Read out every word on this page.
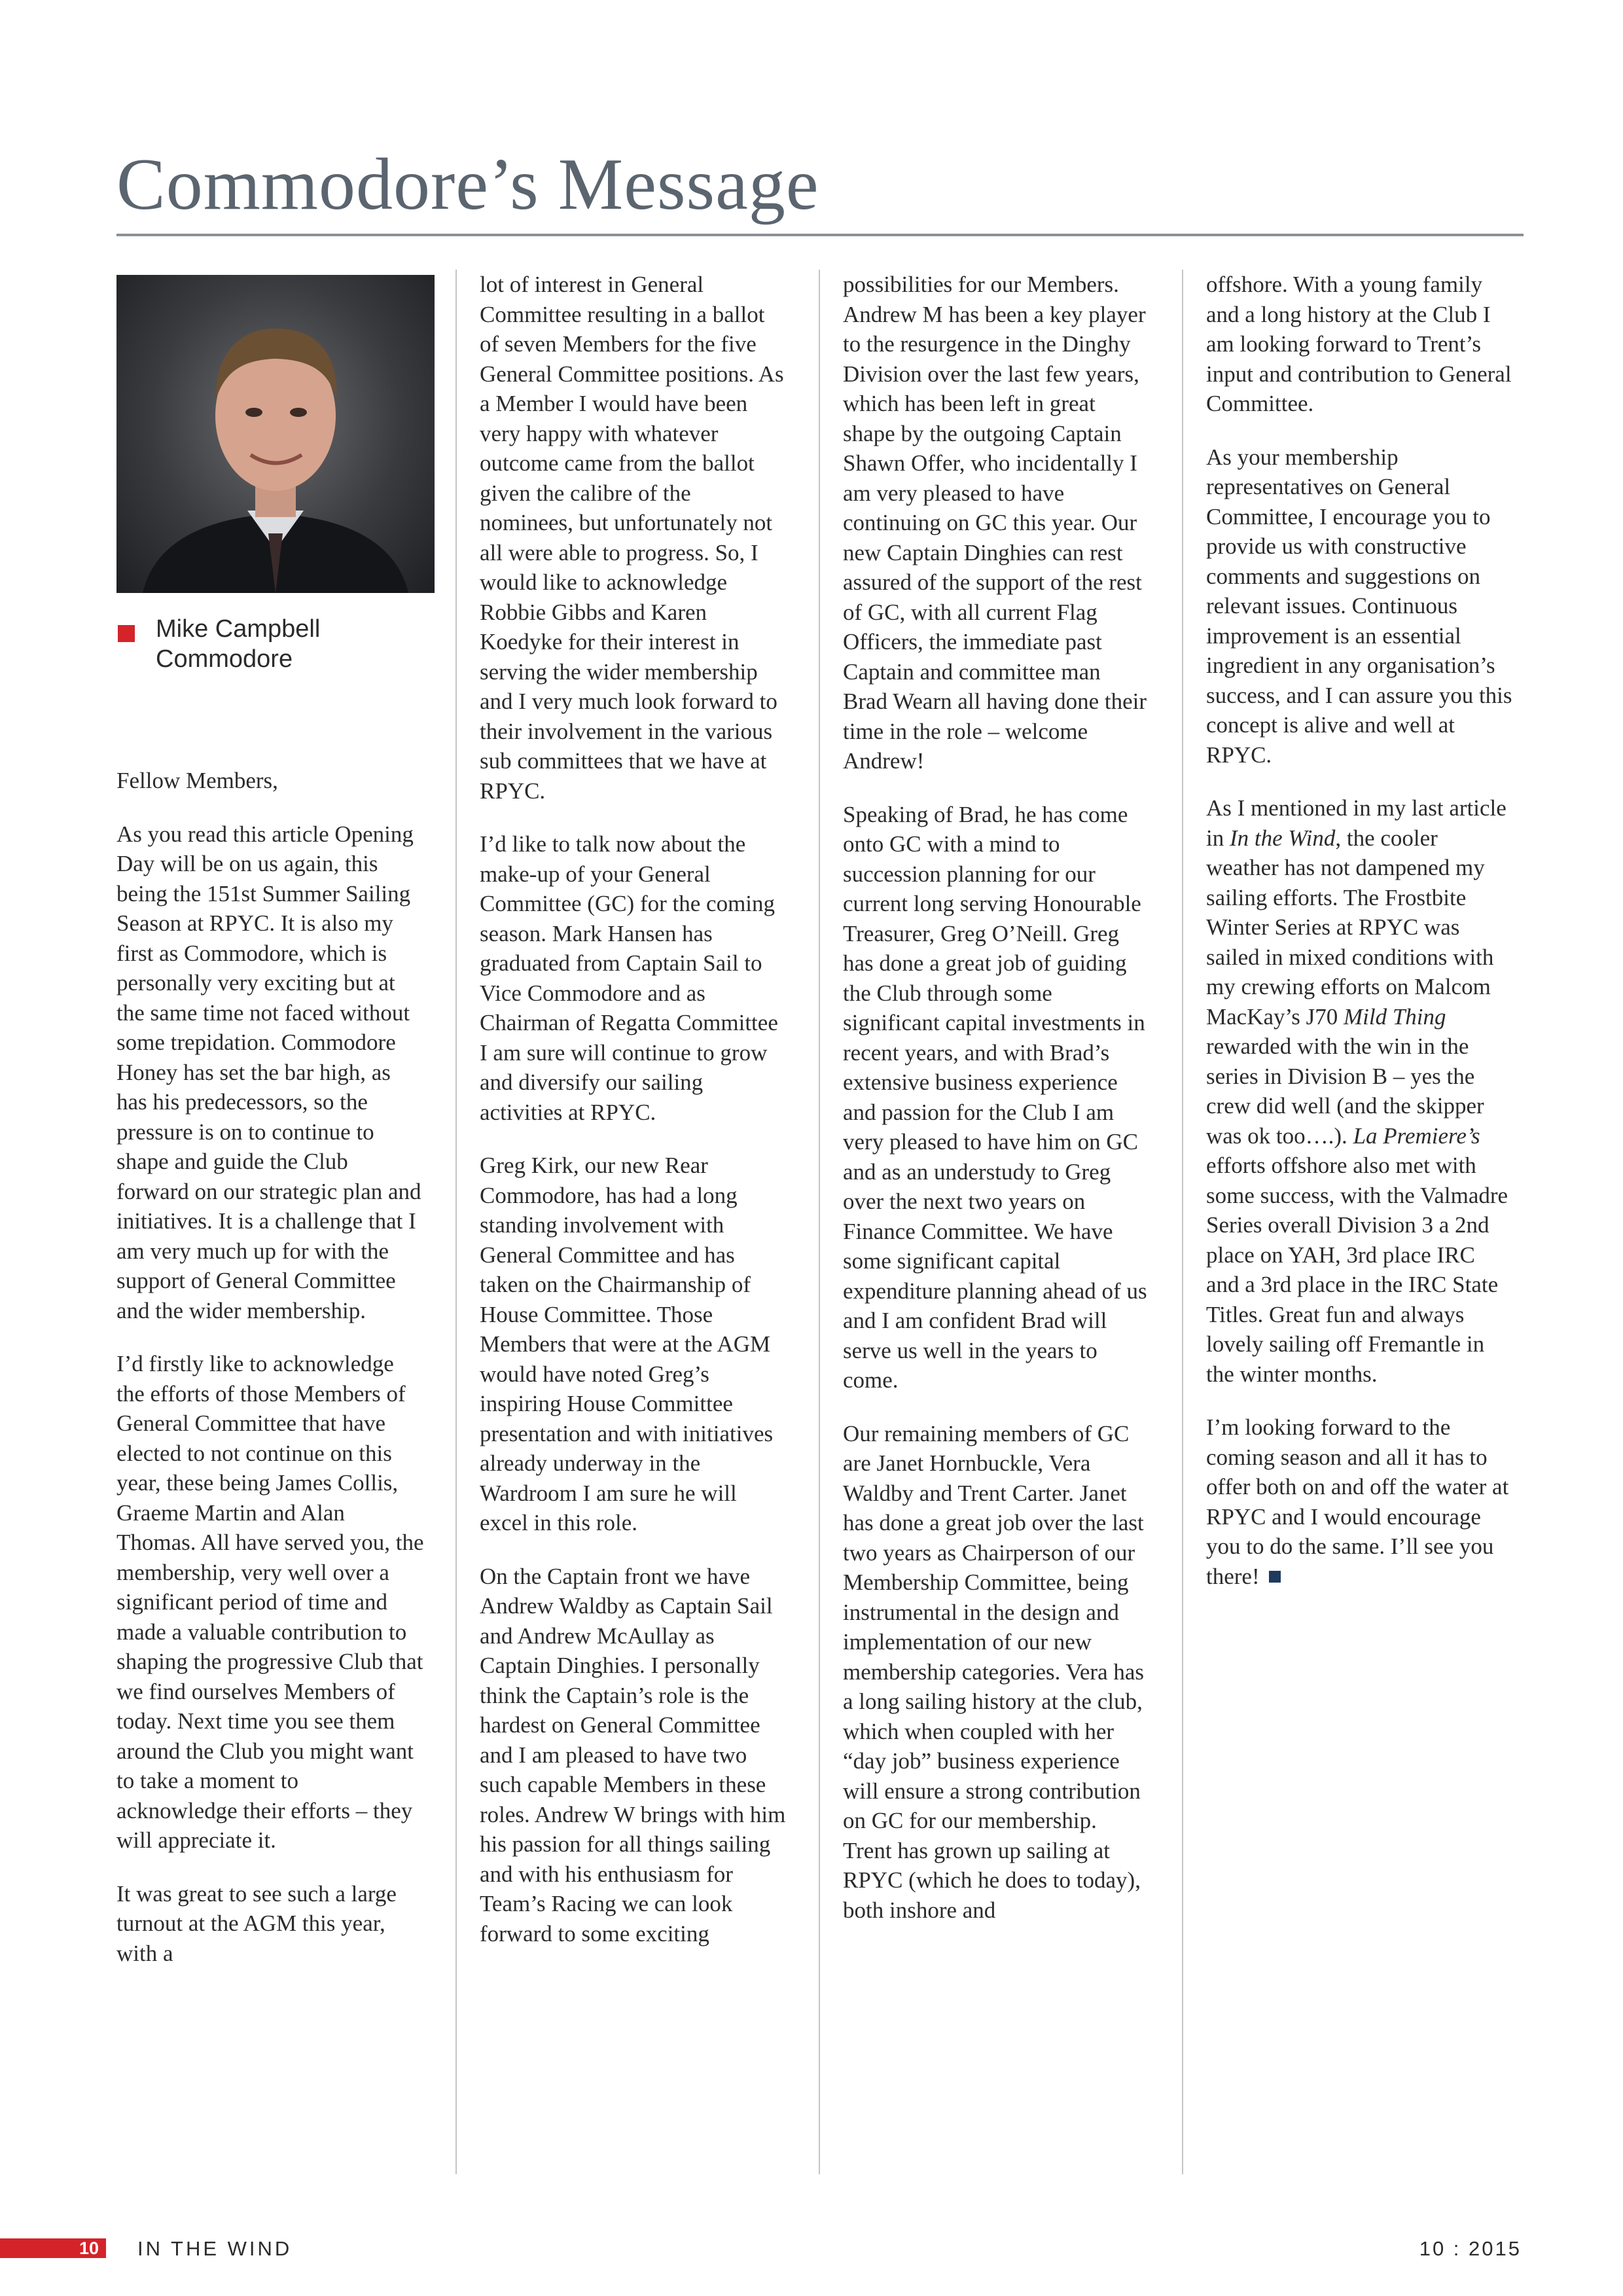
Commodore’s Message
Mike Campbell
Commodore

Fellow Members,

As you read this article Opening Day will be on us again, this being the 151st Summer Sailing Season at RPYC. It is also my first as Commodore, which is personally very exciting but at the same time not faced without some trepidation. Commodore Honey has set the bar high, as has his predecessors, so the pressure is on to continue to shape and guide the Club forward on our strategic plan and initiatives. It is a challenge that I am very much up for with the support of General Committee and the wider membership.

I’d firstly like to acknowledge the efforts of those Members of General Committee that have elected to not continue on this year, these being James Collis, Graeme Martin and Alan Thomas. All have served you, the membership, very well over a significant period of time and made a valuable contribution to shaping the progressive Club that we find ourselves Members of today. Next time you see them around the Club you might want to take a moment to acknowledge their efforts – they will appreciate it.

It was great to see such a large turnout at the AGM this year, with a

lot of interest in General Committee resulting in a ballot of seven Members for the five General Committee positions. As a Member I would have been very happy with whatever outcome came from the ballot given the calibre of the nominees, but unfortunately not all were able to progress. So, I would like to acknowledge Robbie Gibbs and Karen Koedyke for their interest in serving the wider membership and I very much look forward to their involvement in the various sub committees that we have at RPYC.

I’d like to talk now about the make-up of your General Committee (GC) for the coming season. Mark Hansen has graduated from Captain Sail to Vice Commodore and as Chairman of Regatta Committee I am sure will continue to grow and diversify our sailing activities at RPYC.

Greg Kirk, our new Rear Commodore, has had a long standing involvement with General Committee and has taken on the Chairmanship of House Committee. Those Members that were at the AGM would have noted Greg’s inspiring House Committee presentation and with initiatives already underway in the Wardroom I am sure he will excel in this role.

On the Captain front we have Andrew Waldby as Captain Sail and Andrew McAullay as Captain Dinghies. I personally think the Captain’s role is the hardest on General Committee and I am pleased to have two such capable Members in these roles. Andrew W brings with him his passion for all things sailing and with his enthusiasm for Team’s Racing we can look forward to some exciting

possibilities for our Members. Andrew M has been a key player to the resurgence in the Dinghy Division over the last few years, which has been left in great shape by the outgoing Captain Shawn Offer, who incidentally I am very pleased to have continuing on GC this year. Our new Captain Dinghies can rest assured of the support of the rest of GC, with all current Flag Officers, the immediate past Captain and committee man Brad Wearn all having done their time in the role – welcome Andrew!

Speaking of Brad, he has come onto GC with a mind to succession planning for our current long serving Honourable Treasurer, Greg O’Neill. Greg has done a great job of guiding the Club through some significant capital investments in recent years, and with Brad’s extensive business experience and passion for the Club I am very pleased to have him on GC and as an understudy to Greg over the next two years on Finance Committee. We have some significant capital expenditure planning ahead of us and I am confident Brad will serve us well in the years to come.

Our remaining members of GC are Janet Hornbuckle, Vera Waldby and Trent Carter. Janet has done a great job over the last two years as Chairperson of our Membership Committee, being instrumental in the design and implementation of our new membership categories. Vera has a long sailing history at the club, which when coupled with her “day job” business experience will ensure a strong contribution on GC for our membership. Trent has grown up sailing at RPYC (which he does to today), both inshore and

offshore. With a young family and a long history at the Club I am looking forward to Trent’s input and contribution to General Committee.

As your membership representatives on General Committee, I encourage you to provide us with constructive comments and suggestions on relevant issues. Continuous improvement is an essential ingredient in any organisation’s success, and I can assure you this concept is alive and well at RPYC.

As I mentioned in my last article in In the Wind, the cooler weather has not dampened my sailing efforts. The Frostbite Winter Series at RPYC was sailed in mixed conditions with my crewing efforts on Malcom MacKay’s J70 Mild Thing rewarded with the win in the series in Division B – yes the crew did well (and the skipper was ok too….). La Premiere’s efforts offshore also met with some success, with the Valmadre Series overall Division 3 a 2nd place on YAH, 3rd place IRC and a 3rd place in the IRC State Titles. Great fun and always lovely sailing off Fremantle in the winter months.

I’m looking forward to the coming season and all it has to offer both on and off the water at RPYC and I would encourage you to do the same. I’ll see you there!

10	IN THE WIND	10 : 2015
